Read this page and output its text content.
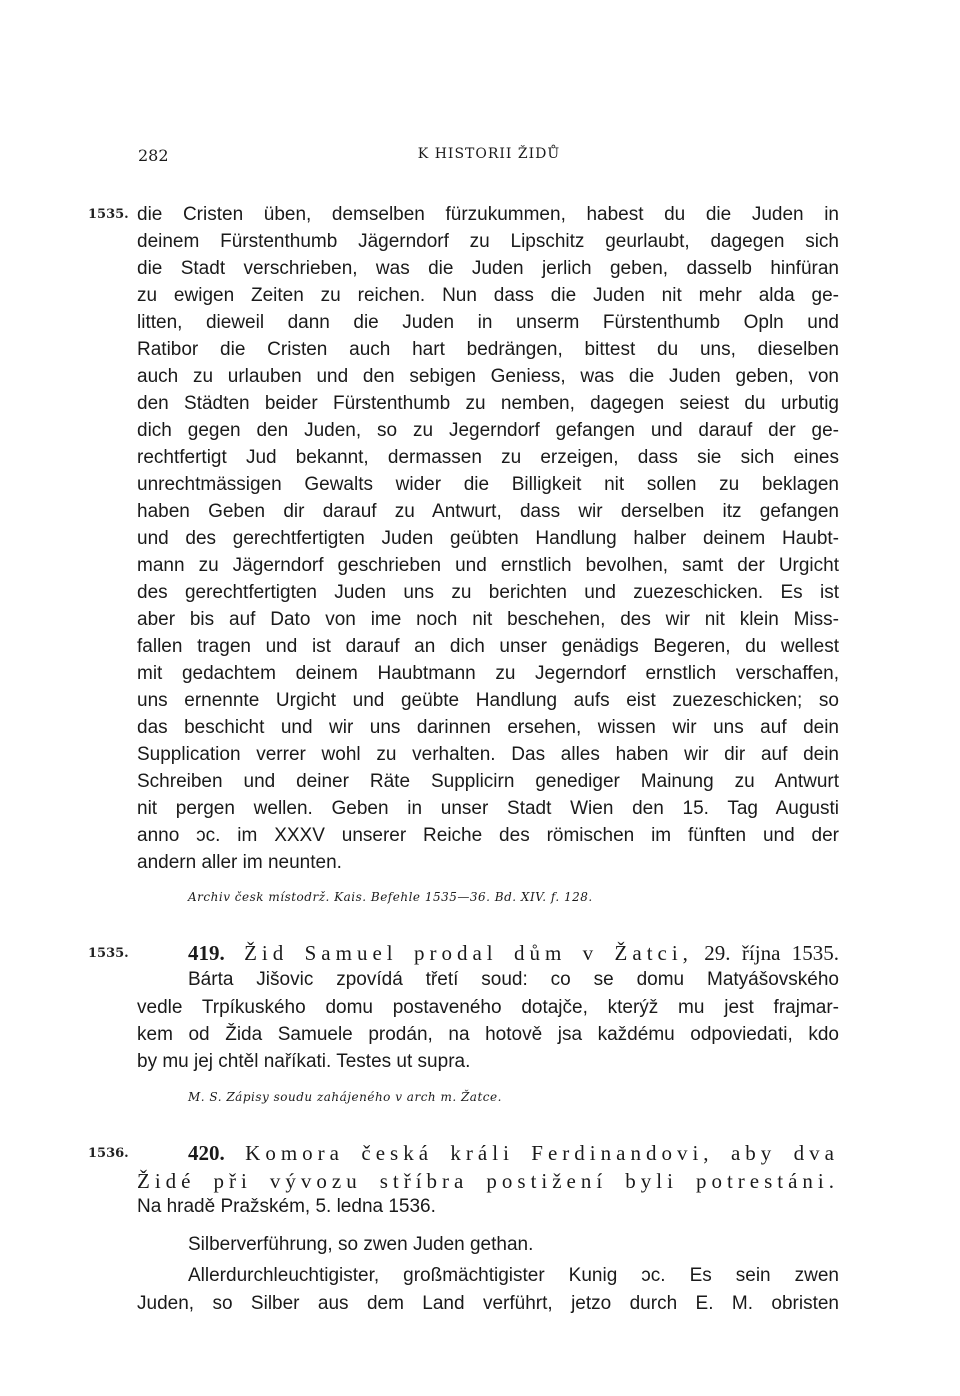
282	K HISTORII ŽIDŮ
1535. die Cristen üben, demselben fürzukummen, habest du die Juden in
deinem Fürstenthumb Jägerndorf zu Lipschitz geurlaubt, dagegen sich
die Stadt verschrieben, was die Juden jerlich geben, dasselb hinfüran
zu ewigen Zeiten zu reichen. Nun dass die Juden nit mehr alda ge-
litten, dieweil dann die Juden in unserm Fürstenthumb Opln und
Ratibor die Cristen auch hart bedrängen, bittest du uns, dieselben
auch zu urlauben und den sebigen Geniess, was die Juden geben, von
den Städten beider Fürstenthumb zu nembеn, dagegen seiest du urbutig
dich gegen den Juden, so zu Jegerndorf gefangen und darauf der ge-
rechtfertigt Jud bekannt, dermassen zu erzeigen, dass sie sich eines
unrechtmässigen Gewalts wider die Billigkeit nit sollen zu beklagen
haben Geben dir darauf zu Antwurt, dass wir derselben itz gefangen
und des gerechtfertigten Juden geübten Handlung halber deinem Haubt-
mann zu Jägerndorf geschrieben und ernstlich bevolhen, samt der Urgicht
des gerechtfertigten Juden uns zu berichten und zuezeschicken. Es ist
aber bis auf Dato von ime noch nit beschehen, des wir nit klein Miss-
fallen tragen und ist darauf an dich unser genädigs Begeren, du wellest
mit gedachtem deinem Haubtmann zu Jegerndorf ernstlich verschaffen,
uns ernennte Urgicht und geübte Handlung aufs eist zuezeschicken; so
das beschicht und wir uns darinnen ersehen, wissen wir uns auf dein
Supplication verrer wohl zu verhalten. Das alles haben wir dir auf dein
Schreiben und deiner Räte Supplicirn genediger Mainung zu Antwurt
nit pergen wellen. Geben in unser Stadt Wien den 15. Tag Augusti
anno ɔc. im XXXV unserer Reiche des römischen im fünften und der
andern aller im neunten.
Archiv česk místodrž. Kais. Befehle 1535—36. Bd. XIV. f. 128.
1535.	419. Žid Samuel prodal dům v Žatci, 29. října 1535.
Bárta Jišovic zpovídá třetí soud: co se domu Matyášovského
vedle Trpíkuského domu postaveného dotajče, kterýž mu jest frajmar-
kem od Žida Samuele prodán, na hotově jsa každému odpoviedati, kdo
by mu jej chtěl naříkati. Testes ut supra.
M. S. Zápisy soudu zahájeného v arch m. Žatce.
1536.	420. Komora česká králi Ferdinandovi, aby dva
Židé při vývozu stříbra postižení byli potrestáni.
Na hradě Pražském, 5. ledna 1536.
Silberverführung, so zwen Juden gethan.
Allerdurchleuchtigister, großmächtigister Kunig ɔc. Es sein zwen
Juden, so Silber aus dem Land verführt, jetzo durch E. M. obristen
